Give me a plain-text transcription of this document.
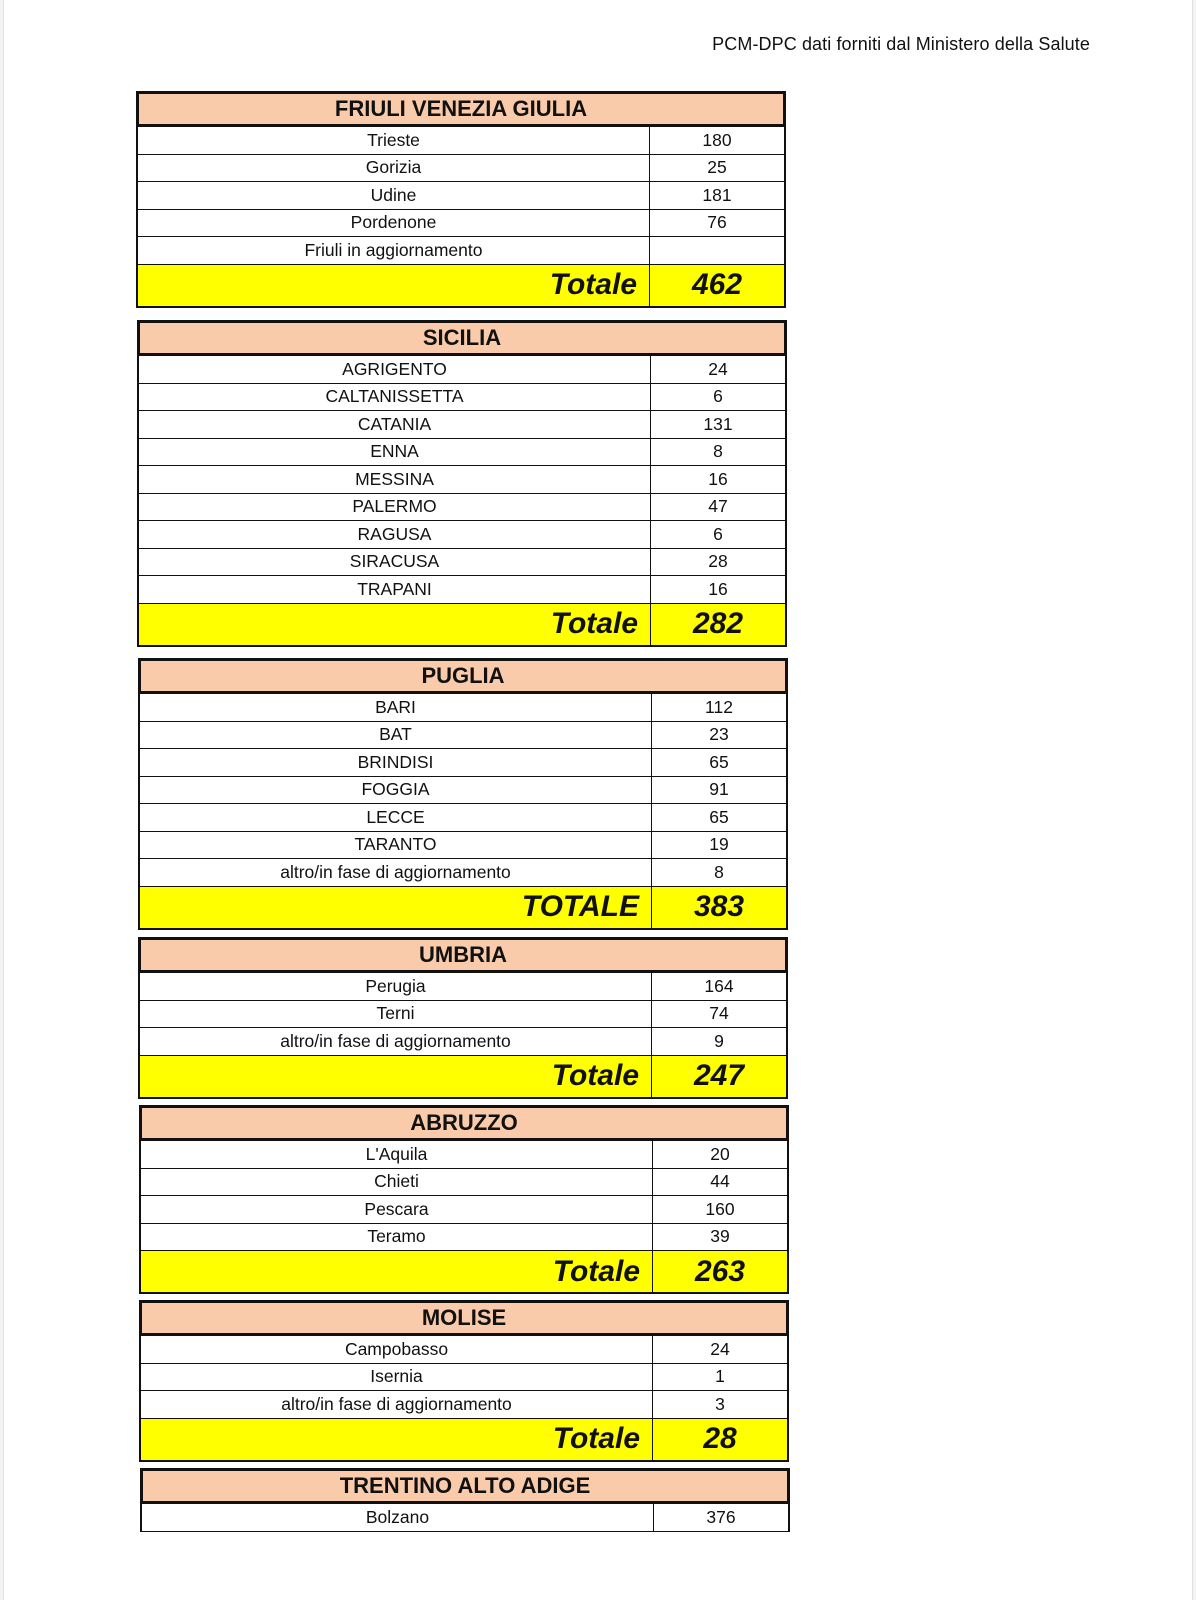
PCM-DPC dati forniti dal Ministero della Salute
FRIULI VENEZIA GIULIA
Trieste	180
Gorizia	25
Udine	181
Pordenone	76
Friuli in aggiornamento
Totale	462
SICILIA
AGRIGENTO	24
CALTANISSETTA	6
CATANIA	131
ENNA	8
MESSINA	16
PALERMO	47
RAGUSA	6
SIRACUSA	28
TRAPANI	16
Totale	282
PUGLIA
BARI	112
BAT	23
BRINDISI	65
FOGGIA	91
LECCE	65
TARANTO	19
altro/in fase di aggiornamento	8
TOTALE	383
UMBRIA
Perugia	164
Terni	74
altro/in fase di aggiornamento	9
Totale	247
ABRUZZO
L'Aquila	20
Chieti	44
Pescara	160
Teramo	39
Totale	263
MOLISE
Campobasso	24
Isernia	1
altro/in fase di aggiornamento	3
Totale	28
TRENTINO ALTO ADIGE
Bolzano	376
